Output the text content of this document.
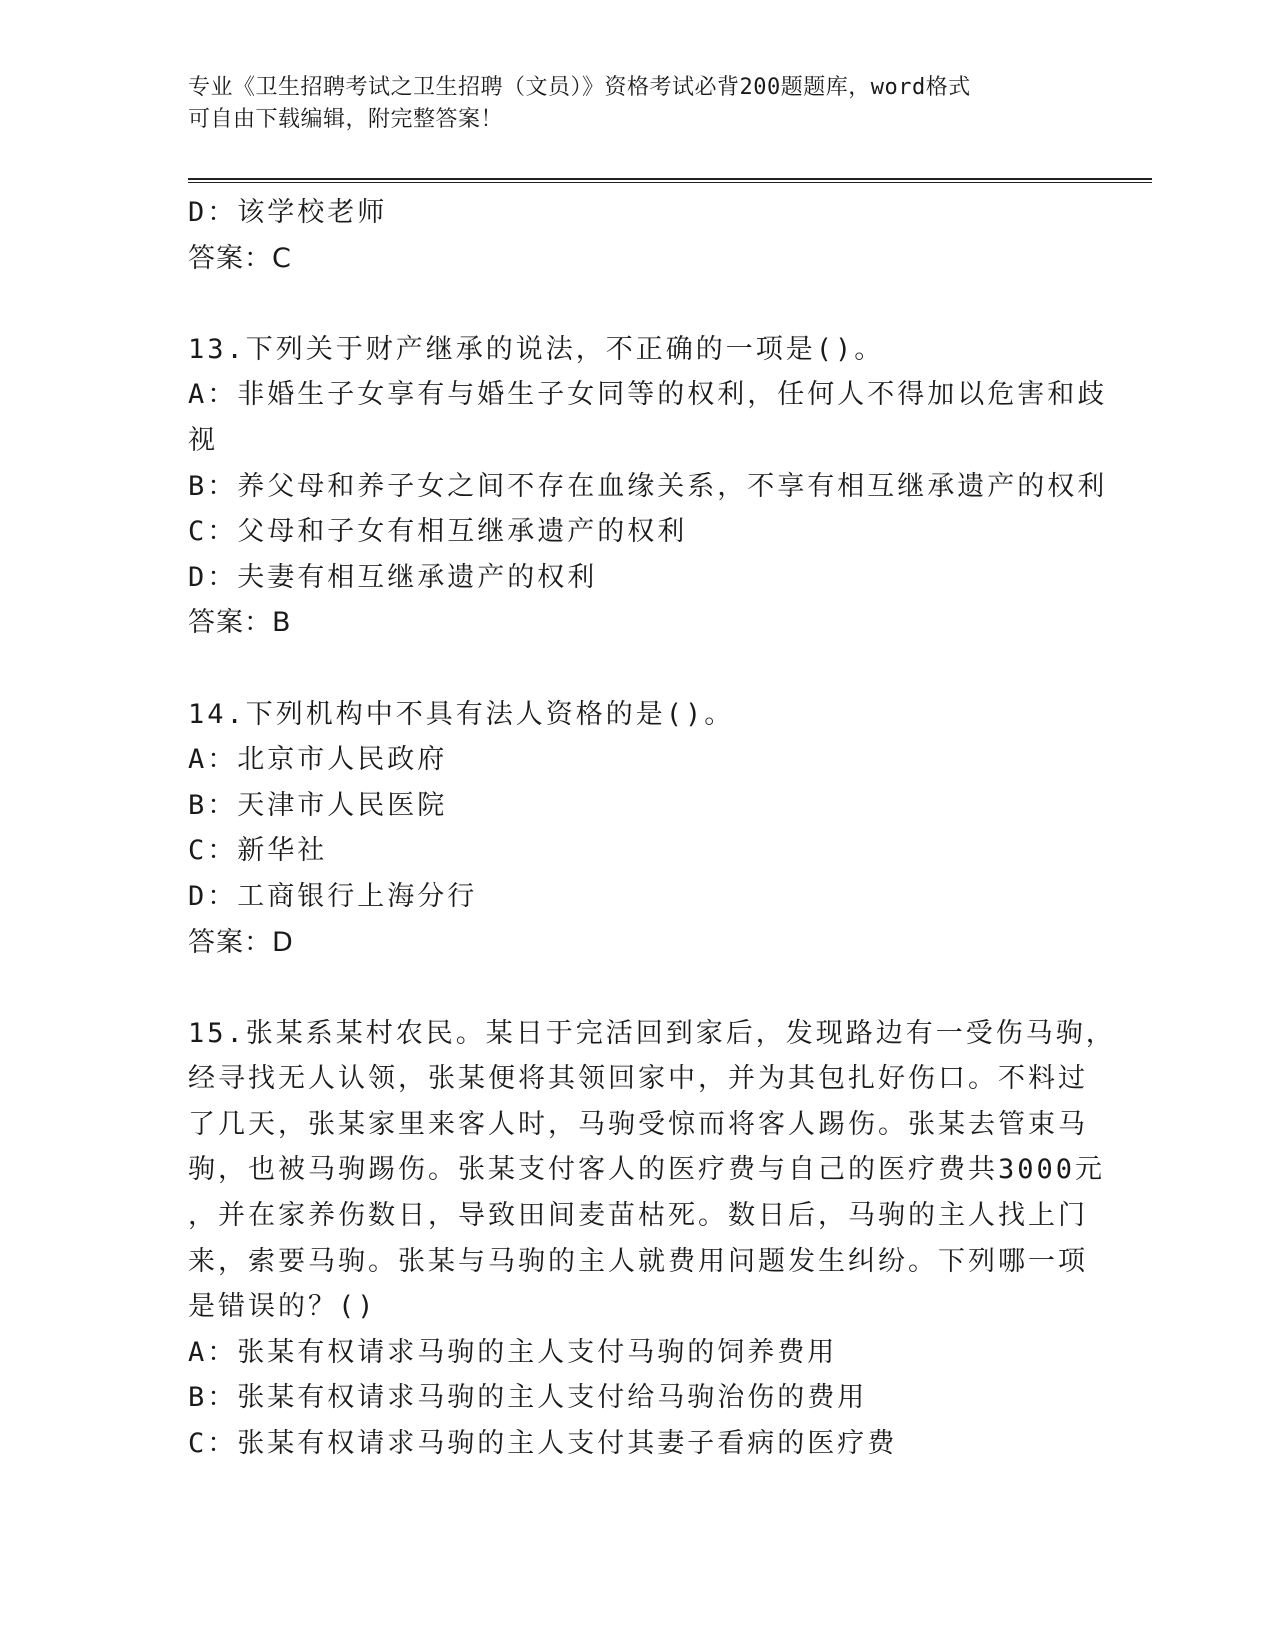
专业《卫生招聘考试之卫生招聘（文员）》资格考试必背200题题库，word格式
可自由下载编辑，附完整答案！
D：该学校老师
答案：C
13.下列关于财产继承的说法，不正确的一项是()。
A：非婚生子女享有与婚生子女同等的权利，任何人不得加以危害和歧
视
B：养父母和养子女之间不存在血缘关系，不享有相互继承遗产的权利
C：父母和子女有相互继承遗产的权利
D：夫妻有相互继承遗产的权利
答案：B
14.下列机构中不具有法人资格的是()。
A：北京市人民政府
B：天津市人民医院
C：新华社
D：工商银行上海分行
答案：D
15.张某系某村农民。某日于完活回到家后，发现路边有一受伤马驹，
经寻找无人认领，张某便将其领回家中，并为其包扎好伤口。不料过
了几天，张某家里来客人时，马驹受惊而将客人踢伤。张某去管束马
驹，也被马驹踢伤。张某支付客人的医疗费与自己的医疗费共3000元
，并在家养伤数日，导致田间麦苗枯死。数日后，马驹的主人找上门
来，索要马驹。张某与马驹的主人就费用问题发生纠纷。下列哪一项
是错误的？()
A：张某有权请求马驹的主人支付马驹的饲养费用
B：张某有权请求马驹的主人支付给马驹治伤的费用
C：张某有权请求马驹的主人支付其妻子看病的医疗费
